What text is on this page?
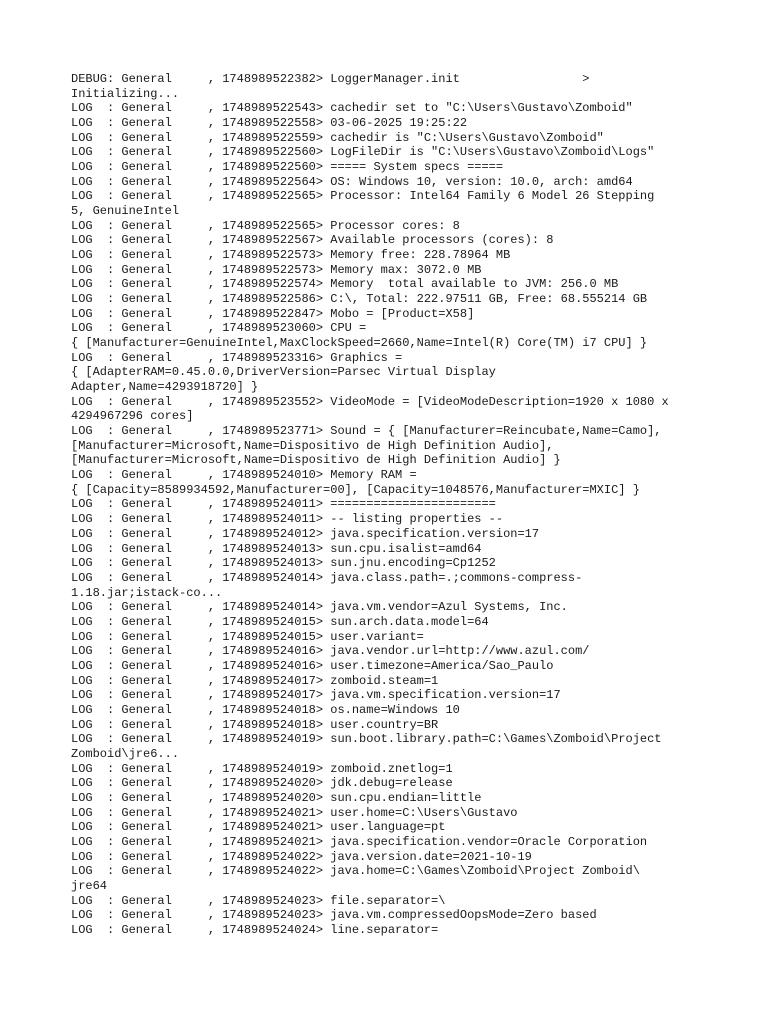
DEBUG: General     , 1748989522382> LoggerManager.init                 >
Initializing...
LOG  : General     , 1748989522543> cachedir set to "C:\Users\Gustavo\Zomboid"
LOG  : General     , 1748989522558> 03-06-2025 19:25:22
LOG  : General     , 1748989522559> cachedir is "C:\Users\Gustavo\Zomboid"
LOG  : General     , 1748989522560> LogFileDir is "C:\Users\Gustavo\Zomboid\Logs"
LOG  : General     , 1748989522560> ===== System specs =====
LOG  : General     , 1748989522564> OS: Windows 10, version: 10.0, arch: amd64
LOG  : General     , 1748989522565> Processor: Intel64 Family 6 Model 26 Stepping
5, GenuineIntel
LOG  : General     , 1748989522565> Processor cores: 8
LOG  : General     , 1748989522567> Available processors (cores): 8
LOG  : General     , 1748989522573> Memory free: 228.78964 MB
LOG  : General     , 1748989522573> Memory max: 3072.0 MB
LOG  : General     , 1748989522574> Memory  total available to JVM: 256.0 MB
LOG  : General     , 1748989522586> C:\, Total: 222.97511 GB, Free: 68.555214 GB
LOG  : General     , 1748989522847> Mobo = [Product=X58]
LOG  : General     , 1748989523060> CPU =
{ [Manufacturer=GenuineIntel,MaxClockSpeed=2660,Name=Intel(R) Core(TM) i7 CPU] }
LOG  : General     , 1748989523316> Graphics =
{ [AdapterRAM=0.45.0.0,DriverVersion=Parsec Virtual Display
Adapter,Name=4293918720] }
LOG  : General     , 1748989523552> VideoMode = [VideoModeDescription=1920 x 1080 x
4294967296 cores]
LOG  : General     , 1748989523771> Sound = { [Manufacturer=Reincubate,Name=Camo],
[Manufacturer=Microsoft,Name=Dispositivo de High Definition Audio],
[Manufacturer=Microsoft,Name=Dispositivo de High Definition Audio] }
LOG  : General     , 1748989524010> Memory RAM =
{ [Capacity=8589934592,Manufacturer=00], [Capacity=1048576,Manufacturer=MXIC] }
LOG  : General     , 1748989524011> =======================
LOG  : General     , 1748989524011> -- listing properties --
LOG  : General     , 1748989524012> java.specification.version=17
LOG  : General     , 1748989524013> sun.cpu.isalist=amd64
LOG  : General     , 1748989524013> sun.jnu.encoding=Cp1252
LOG  : General     , 1748989524014> java.class.path=.;commons-compress-
1.18.jar;istack-co...
LOG  : General     , 1748989524014> java.vm.vendor=Azul Systems, Inc.
LOG  : General     , 1748989524015> sun.arch.data.model=64
LOG  : General     , 1748989524015> user.variant=
LOG  : General     , 1748989524016> java.vendor.url=http://www.azul.com/
LOG  : General     , 1748989524016> user.timezone=America/Sao_Paulo
LOG  : General     , 1748989524017> zomboid.steam=1
LOG  : General     , 1748989524017> java.vm.specification.version=17
LOG  : General     , 1748989524018> os.name=Windows 10
LOG  : General     , 1748989524018> user.country=BR
LOG  : General     , 1748989524019> sun.boot.library.path=C:\Games\Zomboid\Project
Zomboid\jre6...
LOG  : General     , 1748989524019> zomboid.znetlog=1
LOG  : General     , 1748989524020> jdk.debug=release
LOG  : General     , 1748989524020> sun.cpu.endian=little
LOG  : General     , 1748989524021> user.home=C:\Users\Gustavo
LOG  : General     , 1748989524021> user.language=pt
LOG  : General     , 1748989524021> java.specification.vendor=Oracle Corporation
LOG  : General     , 1748989524022> java.version.date=2021-10-19
LOG  : General     , 1748989524022> java.home=C:\Games\Zomboid\Project Zomboid\
jre64
LOG  : General     , 1748989524023> file.separator=\
LOG  : General     , 1748989524023> java.vm.compressedOopsMode=Zero based
LOG  : General     , 1748989524024> line.separator=
